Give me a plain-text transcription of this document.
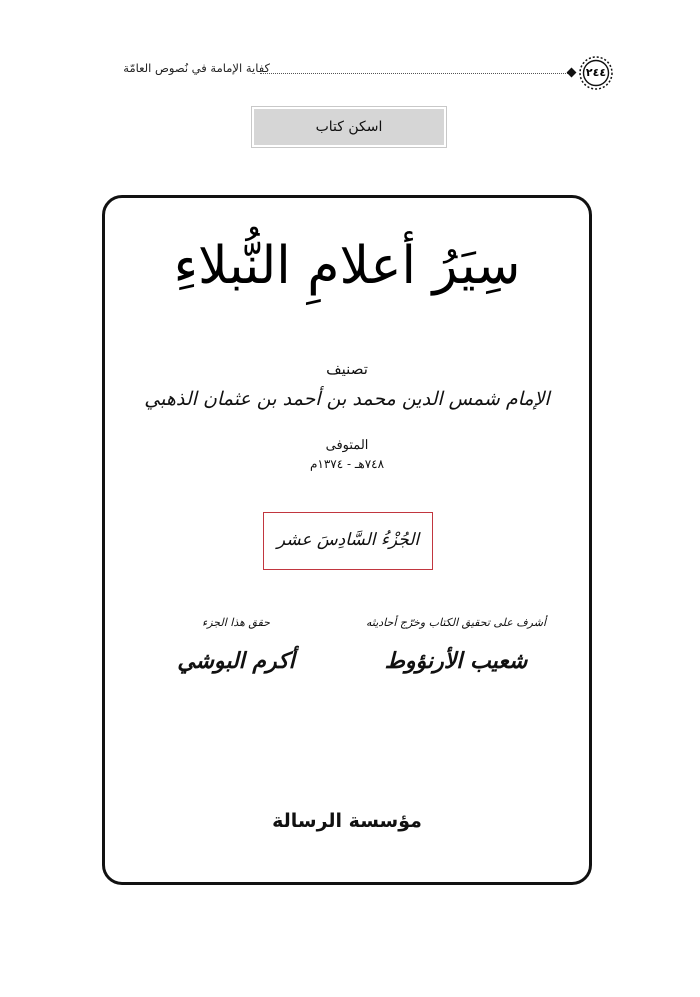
كفاية الإمامة في نُصوص العامّة	٢٤٤
اسكن كتاب
سِيَرُ أعلامِ النُّبلاءِ
تصنيف
الإمام شمس الدين محمد بن أحمد بن عثمان الذهبي
المتوفى
٧٤٨هـ - ١٣٧٤م
الجُزْءُ السَّادِسَ عشر
أشرف على تحقيق الكتاب وخرّج أحاديثه
شعيب الأرنؤوط
حقق هذا الجزء
أكرم البوشي
مؤسسة الرسالة
